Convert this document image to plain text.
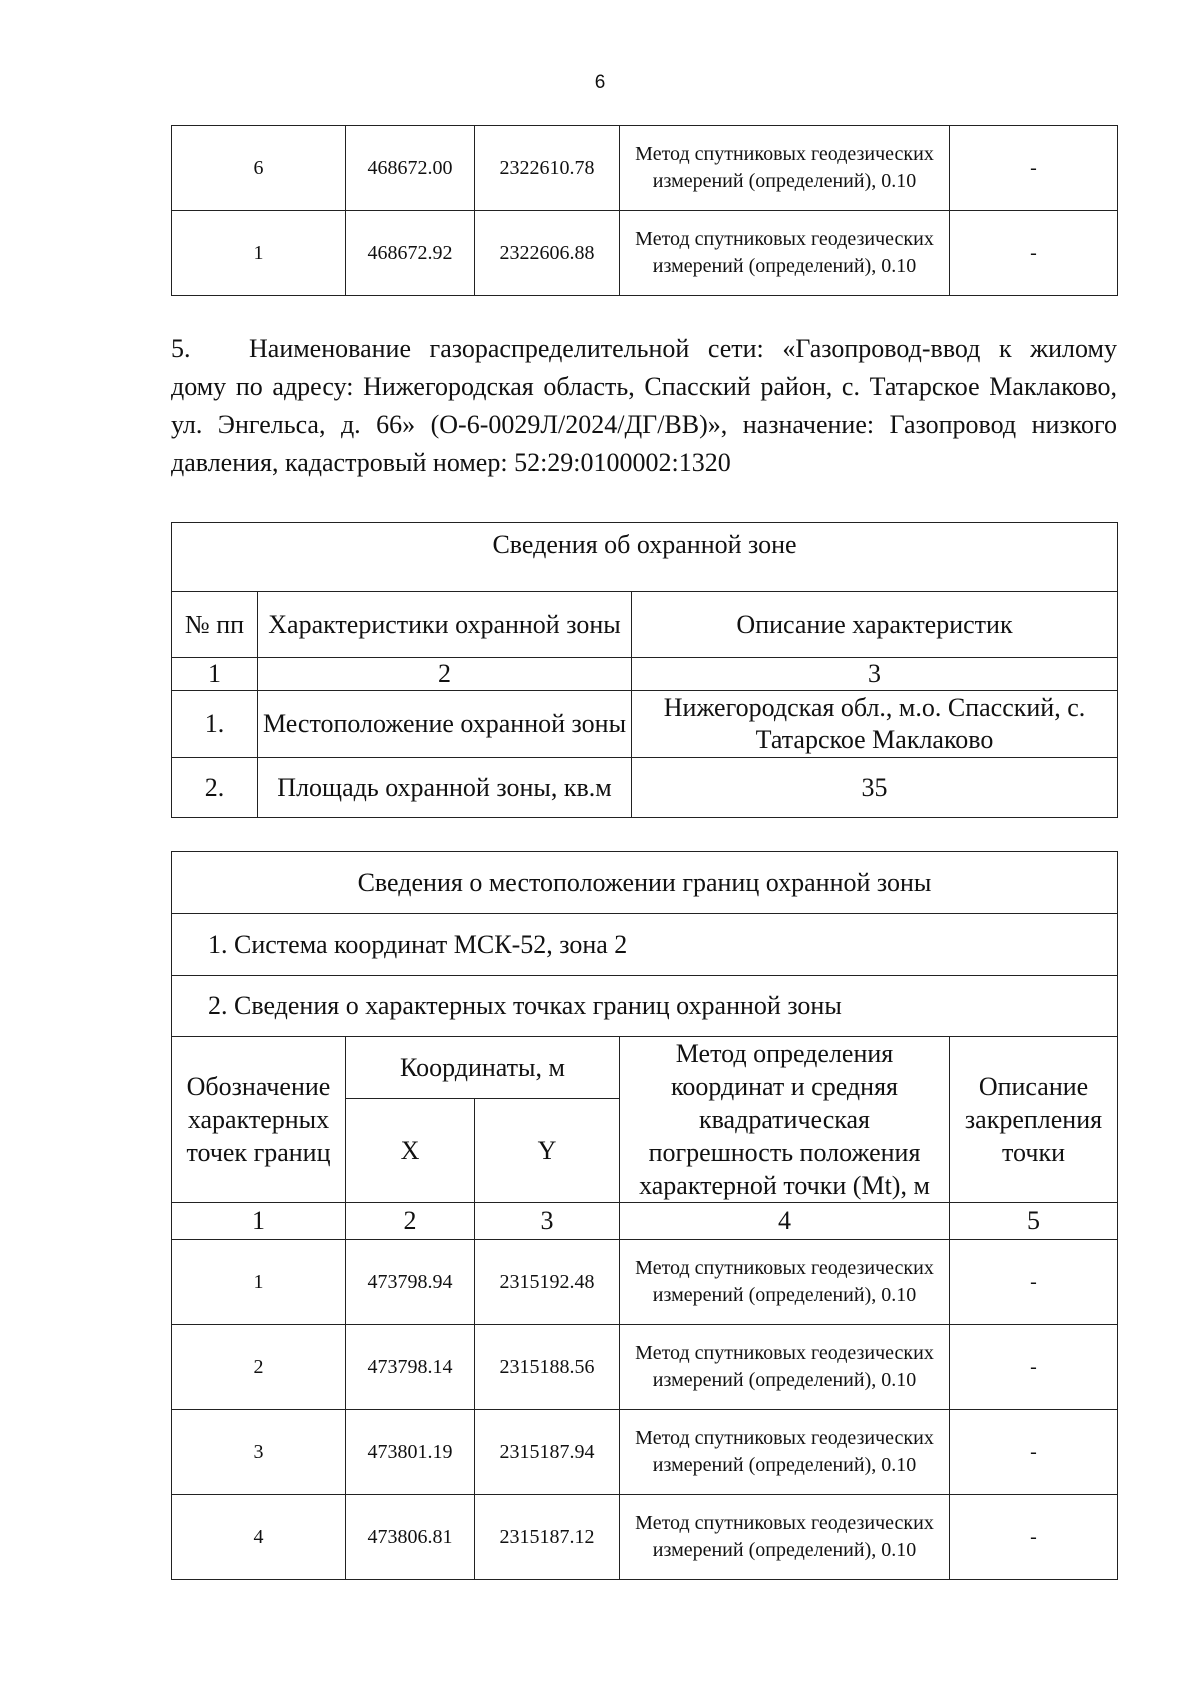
6
6	468672.00	2322610.78	Метод спутниковых геодезических измерений (определений), 0.10	-
1	468672.92	2322606.88	Метод спутниковых геодезических измерений (определений), 0.10	-

5. Наименование газораспределительной сети: «Газопровод-ввод к жилому дому по адресу: Нижегородская область, Спасский район, с. Татарское Маклаково, ул. Энгельса, д. 66» (О-6-0029Л/2024/ДГ/ВВ)», назначение: Газопровод низкого давления, кадастровый номер: 52:29:0100002:1320

Сведения об охранной зоне		
№ пп	Характеристики охранной зоны	Описание характеристик
1	2	3
1.	Местоположение охранной зоны	Нижегородская обл., м.о. Спасский, с. Татарское Маклаково
2.	Площадь охранной зоны, кв.м	35
Сведения о местоположении границ охранной зоны				
1. Система координат МСК-52, зона 2				
2. Сведения о характерных точках границ охранной зоны				
Обозначение характерных точек границ	Координаты, м		Метод определения координат и средняя квадратическая погрешность положения характерной точки (Mt), м	Описание закрепления точки
	X	Y		
1	2	3	4	5
1	473798.94	2315192.48	Метод спутниковых геодезических измерений (определений), 0.10	-
2	473798.14	2315188.56	Метод спутниковых геодезических измерений (определений), 0.10	-
3	473801.19	2315187.94	Метод спутниковых геодезических измерений (определений), 0.10	-
4	473806.81	2315187.12	Метод спутниковых геодезических измерений (определений), 0.10	-
